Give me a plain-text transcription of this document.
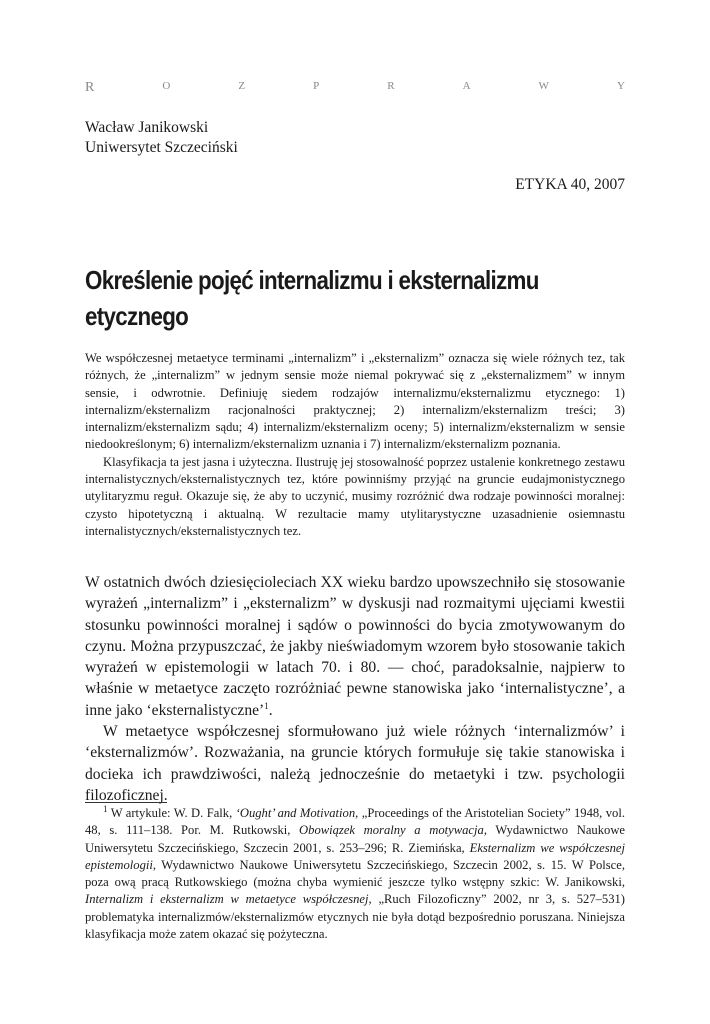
R	O	Z	P	R	A	W	Y
Wacław Janikowski
Uniwersytet Szczeciński
ETYKA 40, 2007
Określenie pojęć internalizmu i eksternalizmu etycznego

We współczesnej metaetyce terminami „internalizm” i „eksternalizm” oznacza się wiele różnych tez, tak różnych, że „internalizm” w jednym sensie może niemal pokrywać się z „eksternalizmem” w innym sensie, i odwrotnie. Definiuję siedem rodzajów internalizmu/eksternalizmu etycznego: 1) internalizm/eksternalizm racjonalności praktycznej; 2) internalizm/eksternalizm treści; 3) internalizm/eksternalizm sądu; 4) internalizm/eksternalizm oceny; 5) internalizm/eksternalizm w sensie niedookreślonym; 6) internalizm/eksternalizm uznania i 7) internalizm/eksternalizm poznania.

Klasyfikacja ta jest jasna i użyteczna. Ilustruję jej stosowalność poprzez ustalenie konkretnego zestawu internalistycznych/eksternalistycznych tez, które powinniśmy przyjąć na gruncie eudajmonistycznego utylitaryzmu reguł. Okazuje się, że aby to uczynić, musimy rozróżnić dwa rodzaje powinności moralnej: czysto hipotetyczną i aktualną. W rezultacie mamy utylitarystyczne uzasadnienie osiemnastu internalistycznych/eksternalistycznych tez.

W ostatnich dwóch dziesięcioleciach XX wieku bardzo upowszechniło się stosowanie wyrażeń „internalizm” i „eksternalizm” w dyskusji nad rozmaitymi ujęciami kwestii stosunku powinności moralnej i sądów o powinności do bycia zmotywowanym do czynu. Można przypuszczać, że jakby nieświadomym wzorem było stosowanie takich wyrażeń w epistemologii w latach 70. i 80. — choć, paradoksalnie, najpierw to właśnie w metaetyce zaczęto rozróżniać pewne stanowiska jako ‘internalistyczne’, a inne jako ‘eksternalistyczne’$^1$.

W metaetyce współczesnej sformułowano już wiele różnych ‘internalizmów’ i ‘eksternalizmów’. Rozważania, na gruncie których formułuje się takie stanowiska i docieka ich prawdziwości, należą jednocześnie do metaetyki i tzw. psychologii filozoficznej.

$^1$ W artykule: W. D. Falk, ‘Ought’ and Motivation, „Proceedings of the Aristotelian Society” 1948, vol. 48, s. 111–138. Por. M. Rutkowski, Obowiązek moralny a motywacja, Wydawnictwo Naukowe Uniwersytetu Szczecińskiego, Szczecin 2001, s. 253–296; R. Ziemińska, Eksternalizm we współczesnej epistemologii, Wydawnictwo Naukowe Uniwersytetu Szczecińskiego, Szczecin 2002, s. 15. W Polsce, poza ową pracą Rutkowskiego (można chyba wymienić jeszcze tylko wstępny szkic: W. Janikowski, Internalizm i eksternalizm w metaetyce współczesnej, „Ruch Filozoficzny” 2002, nr 3, s. 527–531) problematyka internalizmów/eksternalizmów etycznych nie była dotąd bezpośrednio poruszana. Niniejsza klasyfikacja może zatem okazać się pożyteczna.
